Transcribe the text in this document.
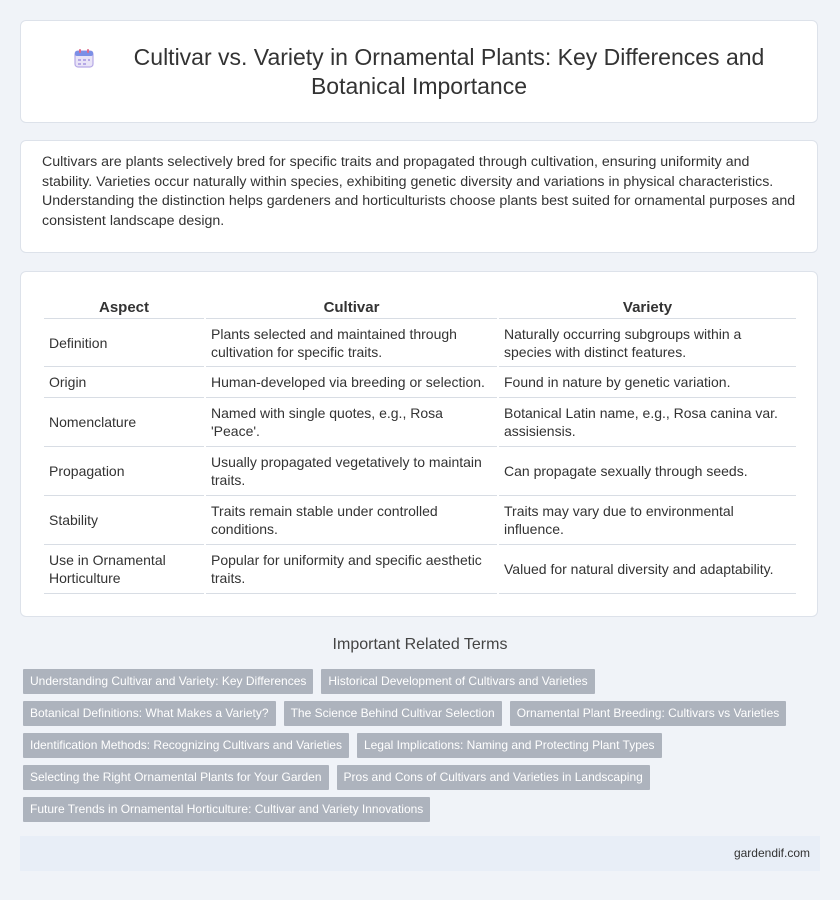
Cultivar vs. Variety in Ornamental Plants: Key Differences and
Botanical Importance

Cultivars are plants selectively bred for specific traits and propagated through cultivation, ensuring uniformity and stability. Varieties occur naturally within species, exhibiting genetic diversity and variations in physical characteristics. Understanding the distinction helps gardeners and horticulturists choose plants best suited for ornamental purposes and consistent landscape design.

Aspect	Cultivar	Variety
Definition	Plants selected and maintained through cultivation for specific traits.	Naturally occurring subgroups within a species with distinct features.
Origin	Human-developed via breeding or selection.	Found in nature by genetic variation.
Nomenclature	Named with single quotes, e.g., Rosa 'Peace'.	Botanical Latin name, e.g., Rosa canina var. assisiensis.
Propagation	Usually propagated vegetatively to maintain traits.	Can propagate sexually through seeds.
Stability	Traits remain stable under controlled conditions.	Traits may vary due to environmental influence.
Use in Ornamental Horticulture	Popular for uniformity and specific aesthetic traits.	Valued for natural diversity and adaptability.
Important Related Terms
Understanding Cultivar and Variety: Key Differences	Historical Development of Cultivars and Varieties
Botanical Definitions: What Makes a Variety?	The Science Behind Cultivar Selection	Ornamental Plant Breeding: Cultivars vs Varieties
Identification Methods: Recognizing Cultivars and Varieties	Legal Implications: Naming and Protecting Plant Types
Selecting the Right Ornamental Plants for Your Garden	Pros and Cons of Cultivars and Varieties in Landscaping
Future Trends in Ornamental Horticulture: Cultivar and Variety Innovations
gardendif.com
